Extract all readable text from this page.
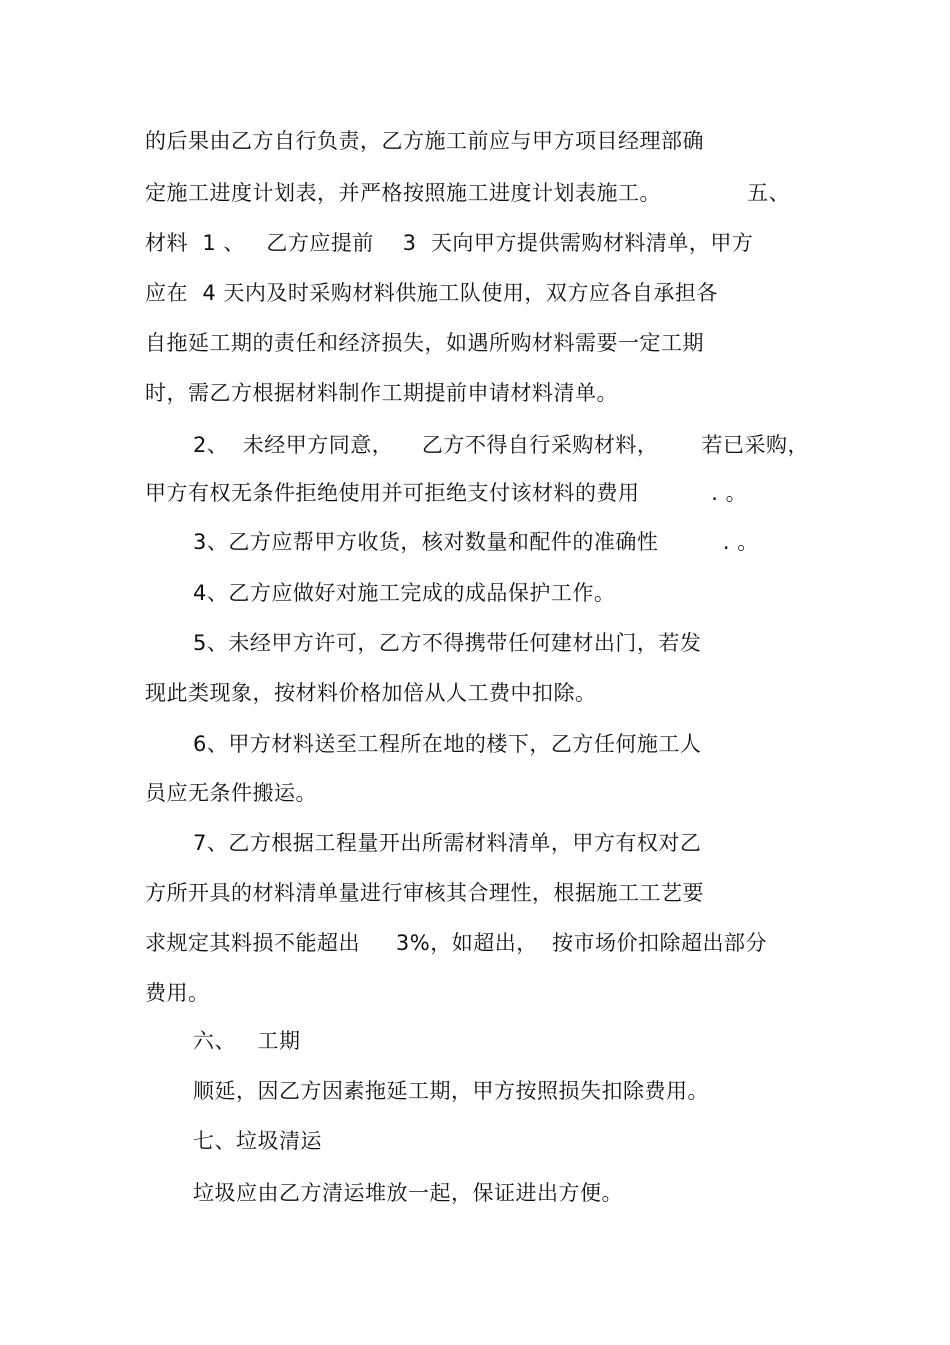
的后果由乙方自行负责，乙方施工前应与甲方项目经理部确
定施工进度计划表，并严格按照施工进度计划表施工。            五、
材料  1 、   乙方应提前    3  天向甲方提供需购材料清单，甲方
应在  4 天内及时采购材料供施工队使用，双方应各自承担各
自拖延工期的责任和经济损失，如遇所购材料需要一定工期
时，需乙方根据材料制作工期提前申请材料清单。
2、  未经甲方同意，    乙方不得自行采购材料，      若已采购，
甲方有权无条件拒绝使用并可拒绝支付该材料的费用          . 。
3、乙方应帮甲方收货，核对数量和配件的准确性         . 。
4、乙方应做好对施工完成的成品保护工作。
5、未经甲方许可，乙方不得携带任何建材出门，若发
现此类现象，按材料价格加倍从人工费中扣除。
6、甲方材料送至工程所在地的楼下，乙方任何施工人
员应无条件搬运。
7、乙方根据工程量开出所需材料清单，甲方有权对乙
方所开具的材料清单量进行审核其合理性，根据施工工艺要
求规定其料损不能超出     3%，如超出，  按市场价扣除超出部分
费用。
六、   工期
顺延，因乙方因素拖延工期，甲方按照损失扣除费用。
七、垃圾清运
垃圾应由乙方清运堆放一起，保证进出方便。
